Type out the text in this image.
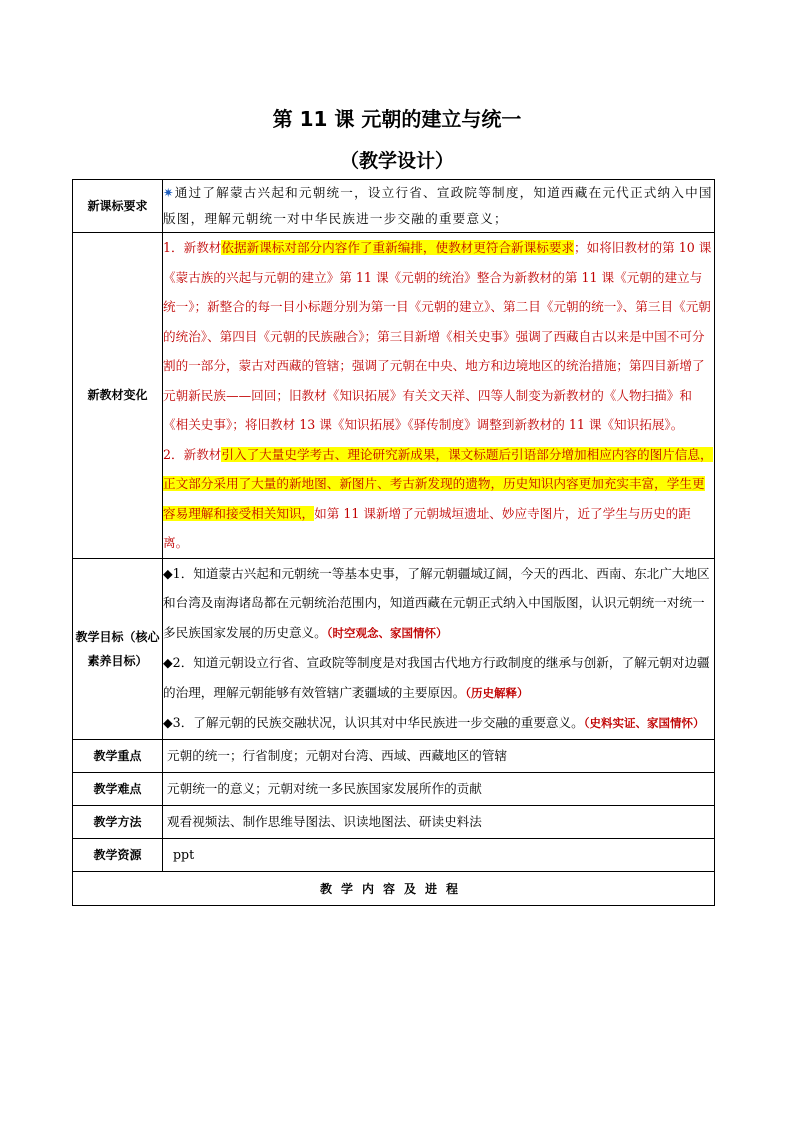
第 11 课 元朝的建立与统一
（教学设计）
新课标要求	✷通过了解蒙古兴起和元朝统一，设立行省、宣政院等制度，知道西藏在元代正式纳入中国版图，理解元朝统一对中华民族进一步交融的重要意义；
新教材变化	1．新教材依据新课标对部分内容作了重新编排，使教材更符合新课标要求；如将旧教材的第 10 课《蒙古族的兴起与元朝的建立》第 11 课《元朝的统治》整合为新教材的第 11 课《元朝的建立与统一》；新整合的每一目小标题分别为第一目《元朝的建立》、第二目《元朝的统一》、第三目《元朝的统治》、第四目《元朝的民族融合》；第三目新增《相关史事》强调了西藏自古以来是中国不可分割的一部分，蒙古对西藏的管辖；强调了元朝在中央、地方和边境地区的统治措施；第四目新增了元朝新民族——回回；旧教材《知识拓展》有关文天祥、四等人制变为新教材的《人物扫描》和《相关史事》；将旧教材 13 课《知识拓展》《驿传制度》调整到新教材的 11 课《知识拓展》。
2．新教材引入了大量史学考古、理论研究新成果，课文标题后引语部分增加相应内容的图片信息，正文部分采用了大量的新地图、新图片、考古新发现的遗物，历史知识内容更加充实丰富，学生更容易理解和接受相关知识，如第 11 课新增了元朝城垣遗址、妙应寺图片，近了学生与历史的距离。

教学目标（核心素养目标）	◆1．知道蒙古兴起和元朝统一等基本史事，了解元朝疆域辽阔，今天的西北、西南、东北广大地区和台湾及南海诸岛都在元朝统治范围内，知道西藏在元朝正式纳入中国版图，认识元朝统一对统一多民族国家发展的历史意义。（时空观念、家国情怀）
◆2．知道元朝设立行省、宣政院等制度是对我国古代地方行政制度的继承与创新，了解元朝对边疆的治理，理解元朝能够有效管辖广袤疆域的主要原因。（历史解释）
◆3．了解元朝的民族交融状况，认识其对中华民族进一步交融的重要意义。（史料实证、家国情怀）

教学重点	元朝的统一；行省制度；元朝对台湾、西域、西藏地区的管辖
教学难点	元朝统一的意义；元朝对统一多民族国家发展所作的贡献
教学方法	观看视频法、制作思维导图法、识读地图法、研读史料法
教学资源	ppt
教学内容及进程	
